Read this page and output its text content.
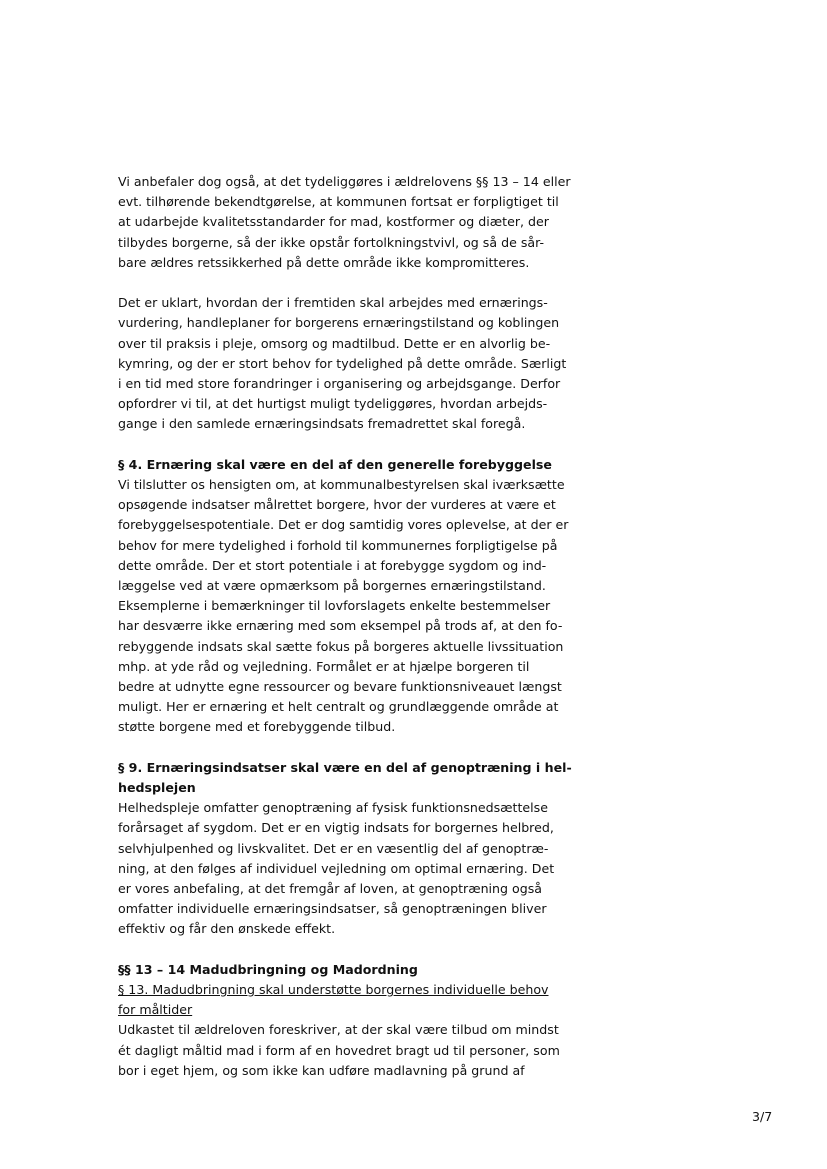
Vi anbefaler dog også, at det tydeliggøres i ældrelovens §§ 13 – 14 eller
evt. tilhørende bekendtgørelse, at kommunen fortsat er forpligtiget til
at udarbejde kvalitetsstandarder for mad, kostformer og diæter, der
tilbydes borgerne, så der ikke opstår fortolkningstvivl, og så de sår-
bare ældres retssikkerhed på dette område ikke kompromitteres.
Det er uklart, hvordan der i fremtiden skal arbejdes med ernærings-
vurdering, handleplaner for borgerens ernæringstilstand og koblingen
over til praksis i pleje, omsorg og madtilbud. Dette er en alvorlig be-
kymring, og der er stort behov for tydelighed på dette område. Særligt
i en tid med store forandringer i organisering og arbejdsgange. Derfor
opfordrer vi til, at det hurtigst muligt tydeliggøres, hvordan arbejds-
gange i den samlede ernæringsindsats fremadrettet skal foregå.
§ 4. Ernæring skal være en del af den generelle forebyggelse
Vi tilslutter os hensigten om, at kommunalbestyrelsen skal iværksætte
opsøgende indsatser målrettet borgere, hvor der vurderes at være et
forebyggelsespotentiale. Det er dog samtidig vores oplevelse, at der er
behov for mere tydelighed i forhold til kommunernes forpligtigelse på
dette område. Der et stort potentiale i at forebygge sygdom og ind-
læggelse ved at være opmærksom på borgernes ernæringstilstand.
Eksemplerne i bemærkninger til lovforslagets enkelte bestemmelser
har desværre ikke ernæring med som eksempel på trods af, at den fo-
rebyggende indsats skal sætte fokus på borgeres aktuelle livssituation
mhp. at yde råd og vejledning. Formålet er at hjælpe borgeren til
bedre at udnytte egne ressourcer og bevare funktionsniveauet længst
muligt. Her er ernæring et helt centralt og grundlæggende område at
støtte borgene med et forebyggende tilbud.
§ 9. Ernæringsindsatser skal være en del af genoptræning i hel-
hedsplejen
Helhedspleje omfatter genoptræning af fysisk funktionsnedsættelse
forårsaget af sygdom. Det er en vigtig indsats for borgernes helbred,
selvhjulpenhed og livskvalitet. Det er en væsentlig del af genoptræ-
ning, at den følges af individuel vejledning om optimal ernæring. Det
er vores anbefaling, at det fremgår af loven, at genoptræning også
omfatter individuelle ernæringsindsatser, så genoptræningen bliver
effektiv og får den ønskede effekt.
§§ 13 – 14 Madudbringning og Madordning
§ 13. Madudbringning skal understøtte borgernes individuelle behov
for måltider
Udkastet til ældreloven foreskriver, at der skal være tilbud om mindst
ét dagligt måltid mad i form af en hovedret bragt ud til personer, som
bor i eget hjem, og som ikke kan udføre madlavning på grund af
3/7
